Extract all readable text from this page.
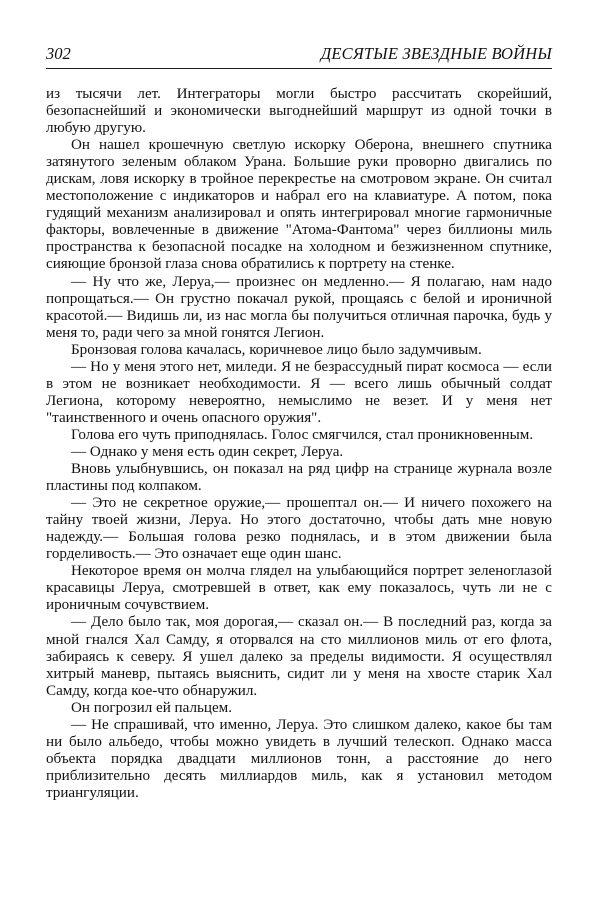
302	ДЕСЯТЫЕ ЗВЕЗДНЫЕ ВОЙНЫ

из тысячи лет. Интеграторы могли быстро рассчитать скорейший, безопаснейший и экономически выгоднейший маршрут из одной точки в любую другую.

Он нашел крошечную светлую искорку Оберона, внешнего спутника затянутого зеленым облаком Урана. Большие руки проворно двигались по дискам, ловя искорку в тройное перекрестье на смотровом экране. Он считал местоположение с индикаторов и набрал его на клавиатуре. А потом, пока гудящий механизм анализировал и опять интегрировал многие гармоничные факторы, вовлеченные в движение "Атома-Фантома" через биллионы миль пространства к безопасной посадке на холодном и безжизненном спутнике, сияющие бронзой глаза снова обратились к портрету на стенке.

— Ну что же, Леруа,— произнес он медленно.— Я полагаю, нам надо попрощаться.— Он грустно покачал рукой, прощаясь с белой и ироничной красотой.— Видишь ли, из нас могла бы получиться отличная парочка, будь у меня то, ради чего за мной гонятся Легион.

Бронзовая голова качалась, коричневое лицо было задумчивым.

— Но у меня этого нет, миледи. Я не безрассудный пират космоса — если в этом не возникает необходимости. Я — всего лишь обычный солдат Легиона, которому невероятно, немыслимо не везет. И у меня нет "таинственного и очень опасного оружия".

Голова его чуть приподнялась. Голос смягчился, стал проникновенным.

— Однако у меня есть один секрет, Леруа.

Вновь улыбнувшись, он показал на ряд цифр на странице журнала возле пластины под колпаком.

— Это не секретное оружие,— прошептал он.— И ничего похожего на тайну твоей жизни, Леруа. Но этого достаточно, чтобы дать мне новую надежду.— Большая голова резко поднялась, и в этом движении была горделивость.— Это означает еще один шанс.

Некоторое время он молча глядел на улыбающийся портрет зеленоглазой красавицы Леруа, смотревшей в ответ, как ему показалось, чуть ли не с ироничным сочувствием.

— Дело было так, моя дорогая,— сказал он.— В последний раз, когда за мной гнался Хал Самду, я оторвался на сто миллионов миль от его флота, забираясь к северу. Я ушел далеко за пределы видимости. Я осуществлял хитрый маневр, пытаясь выяснить, сидит ли у меня на хвосте старик Хал Самду, когда кое-что обнаружил.

Он погрозил ей пальцем.

— Не спрашивай, что именно, Леруа. Это слишком далеко, какое бы там ни было альбедо, чтобы можно увидеть в лучший телескоп. Однако масса объекта порядка двадцати миллионов тонн, а расстояние до него приблизительно десять миллиардов миль, как я установил методом триангуляции.
